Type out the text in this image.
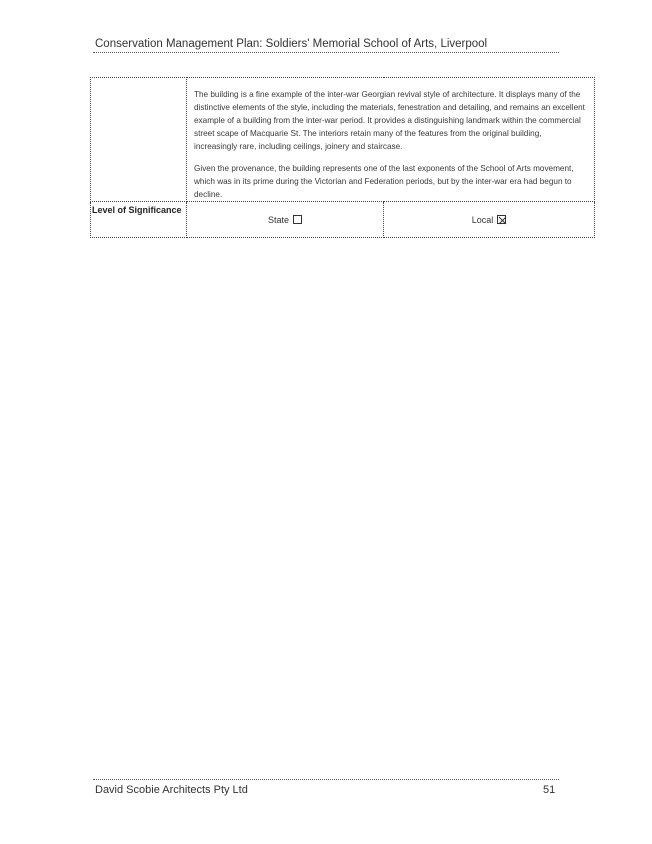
Conservation Management Plan: Soldiers' Memorial School of Arts, Liverpool

	The building is a fine example of the inter-war Georgian revival style of architecture. It displays many of the distinctive elements of the style, including the materials, fenestration and detailing, and remains an excellent example of a building from the inter-war period. It provides a distinguishing landmark within the commercial street scape of Macquarie St. The interiors retain many of the features from the original building, increasingly rare, including ceilings, joinery and staircase.

Given the provenance, the building represents one of the last exponents of the School of Arts movement, which was in its prime during the Victorian and Federation periods, but by the inter-war era had begun to decline.	

Level of Significance	State	Local
David Scobie Architects Pty Ltd	51
